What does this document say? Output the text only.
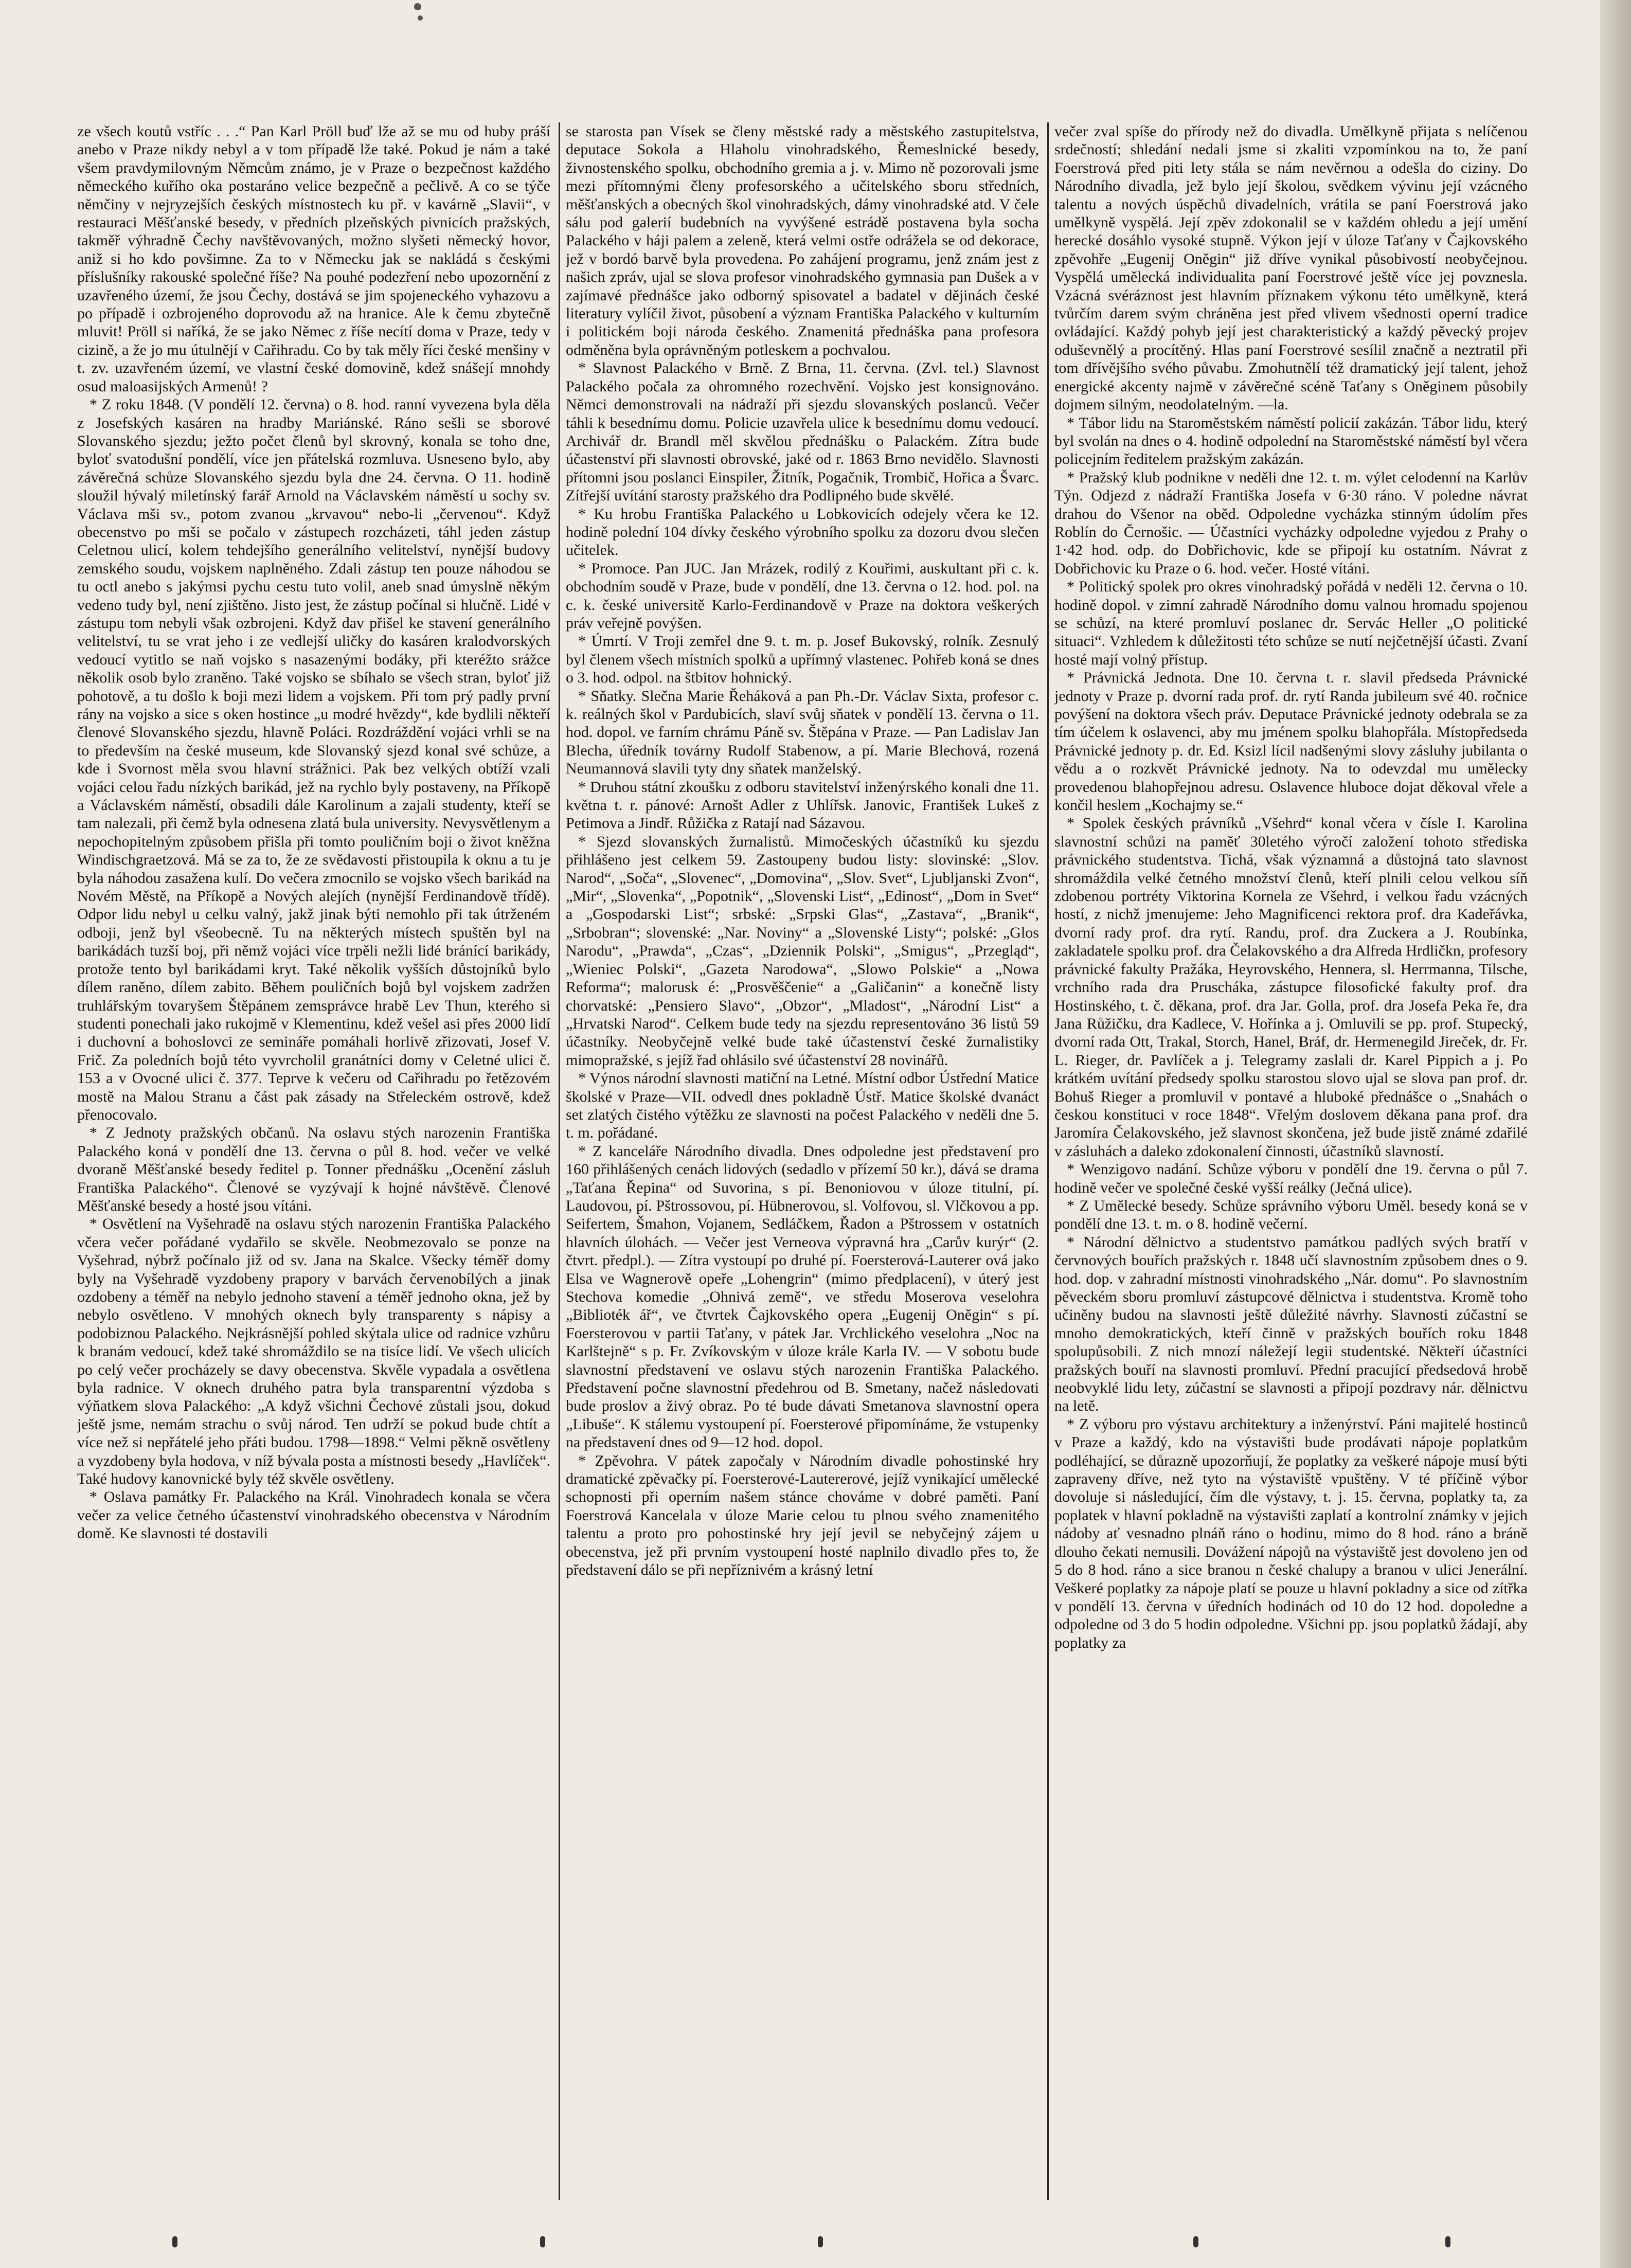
ze všech koutů vstříc . . .“ Pan Karl Pröll buď lže až se mu od huby práší anebo v Praze nikdy nebyl a v tom případě lže také. Pokud je nám a také všem pravdymilovným Němcům známo, je v Praze o bezpečnost každého německého kuřího oka postaráno velice bezpečně a pečlivě. A co se týče němčiny v nejryzejších českých místnostech ku př. v kavárně „Slavii“, v restauraci Měšťanské besedy, v předních plzeňských pivnicích pražských, takměř výhradně Čechy navštěvovaných, možno slyšeti německý hovor, aniž si ho kdo povšimne. Za to v Německu jak se nakládá s českými příslušníky rakouské společné říše? Na pouhé podezření nebo upozornění z uzavřeného území, že jsou Čechy, dostává se jim spojeneckého vyhazovu a po případě i ozbrojeného doprovodu až na hranice. Ale k čemu zbytečně mluvit! Pröll si naříká, že se jako Němec z říše necítí doma v Praze, tedy v cizině, a že jo mu útulnějí v Cařihradu. Co by tak měly říci české menšiny v t. zv. uzavřeném území, ve vlastní české domovině, kdež snášejí mnohdy osud maloasijských Armenů! ?

* Z roku 1848. (V pondělí 12. června) o 8. hod. ranní vyvezena byla děla z Josefských kasáren na hradby Mariánské. Ráno sešli se sborové Slovanského sjezdu; ježto počet členů byl skrovný, konala se toho dne, byloť svatodušní pondělí, více jen přátelská rozmluva. Usneseno bylo, aby závěrečná schůze Slovanského sjezdu byla dne 24. června. O 11. hodině sloužil hývalý miletínský farář Arnold na Václavském náměstí u sochy sv. Václava mši sv., potom zvanou „krvavou“ nebo-li „červenou“. Když obecenstvo po mši se počalo v zástupech rozcházeti, táhl jeden zástup Celetnou ulicí, kolem tehdejšího generálního velitelství, nynější budovy zemského soudu, vojskem naplněného. Zdali zástup ten pouze náhodou se tu octl anebo s jakýmsi pychu cestu tuto volil, aneb snad úmyslně někým vedeno tudy byl, není zjištěno. Jisto jest, že zástup počínal si hlučně. Lidé v zástupu tom nebyli však ozbrojeni. Když dav přišel ke stavení generálního velitelství, tu se vrat jeho i ze vedlejší uličky do kasáren kralodvorských vedoucí vytitlo se naň vojsko s nasazenými bodáky, při kteréžto srážce několik osob bylo zraněno. Také vojsko se sbíhalo se všech stran, byloť již pohotově, a tu došlo k boji mezi lidem a vojskem. Při tom prý padly první rány na vojsko a sice s oken hostince „u modré hvězdy“, kde bydlili někteří členové Slovanského sjezdu, hlavně Poláci. Rozdráždění vojáci vrhli se na to především na české museum, kde Slovanský sjezd konal své schůze, a kde i Svornost měla svou hlavní strážnici. Pak bez velkých obtíží vzali vojáci celou řadu nízkých barikád, jež na rychlo byly postaveny, na Příkopě a Václavském náměstí, obsadili dále Karolinum a zajali studenty, kteří se tam nalezali, při čemž byla odnesena zlatá bula university. Nevysvětlenym a nepochopitelným způsobem přišla při tomto pouličním boji o život kněžna Windischgraetzová. Má se za to, že ze svědavosti přistoupila k oknu a tu je byla náhodou zasažena kulí. Do večera zmocnilo se vojsko všech barikád na Novém Městě, na Příkopě a Nových alejích (nynější Ferdinandově třídě). Odpor lidu nebyl u celku valný, jakž jinak býti nemohlo při tak útrženém odboji, jenž byl všeobecně. Tu na některých místech spuštěn byl na barikádách tuzší boj, při němž vojáci více trpěli nežli lidé bránící barikády, protože tento byl barikádami kryt. Také několik vyšších důstojníků bylo dílem raněno, dílem zabito. Během pouličních bojů byl vojskem zadržen truhlářským tovaryšem Štěpánem zemsprávce hrabě Lev Thun, kterého si studenti ponechali jako rukojmě v Klementinu, kdež vešel asi přes 2000 lidí i duchovní a bohoslovci ze semináře pomáhali horlivě zřizovati, Josef V. Frič. Za poledních bojů této vyvrcholil granátníci domy v Celetné ulici č. 153 a v Ovocné ulici č. 377. Teprve k večeru od Cařihradu po řetězovém mostě na Malou Stranu a část pak zásady na Střeleckém ostrově, kdež přenocovalo.

* Z Jednoty pražských občanů. Na oslavu stých narozenin Františka Palackého koná v pondělí dne 13. června o půl 8. hod. večer ve velké dvoraně Měšťanské besedy ředitel p. Tonner přednášku „Ocenění zásluh Františka Palackého“. Členové se vyzývají k hojné návštěvě. Členové Měšťanské besedy a hosté jsou vítáni.

* Osvětlení na Vyšehradě na oslavu stých narozenin Františka Palackého včera večer pořádané vydařilo se skvěle. Neobmezovalo se ponze na Vyšehrad, nýbrž počínalo již od sv. Jana na Skalce. Všecky téměř domy byly na Vyšehradě vyzdobeny prapory v barvách červenobílých a jinak ozdobeny a téměř na nebylo jednoho stavení a téměř jednoho okna, jež by nebylo osvětleno. V mnohých oknech byly transparenty s nápisy a podobiznou Palackého. Nejkrásnější pohled skýtala ulice od radnice vzhůru k branám vedoucí, kdež také shromáždilo se na tisíce lidí. Ve všech ulicích po celý večer procházely se davy obecenstva. Skvěle vypadala a osvětlena byla radnice. V oknech druhého patra byla transparentní výzdoba s výňatkem slova Palackého: „A když všichni Čechové zůstali jsou, dokud ještě jsme, nemám strachu o svůj národ. Ten udrží se pokud bude chtít a více než si nepřátelé jeho přáti budou. 1798—1898.“ Velmi pěkně osvětleny a vyzdobeny byla hodova, v níž bývala posta a místnosti besedy „Havlíček“. Také hudovy kanovnické byly též skvěle osvětleny.

* Oslava památky Fr. Palackého na Král. Vinohradech konala se včera večer za velice četného účastenství vinohradského obecenstva v Národním domě. Ke slavnosti té dostavili

se starosta pan Vísek se členy městské rady a městského zastupitelstva, deputace Sokola a Hlaholu vinohradského, Řemeslnické besedy, živnostenského spolku, obchodního gremia a j. v. Mimo ně pozorovali jsme mezi přítomnými členy profesorského a učitelského sboru středních, měšťanských a obecných škol vinohradských, dámy vinohradské atd. V čele sálu pod galerií budebních na vyvýšené estrádě postavena byla socha Palackého v háji palem a zeleně, která velmi ostře odrážela se od dekorace, jež v bordó barvě byla provedena. Po zahájení programu, jenž znám jest z našich zpráv, ujal se slova profesor vinohradského gymnasia pan Dušek a v zajímavé přednášce jako odborný spisovatel a badatel v dějinách české literatury vylíčil život, působení a význam Františka Palackého v kulturním i politickém boji národa českého. Znamenitá přednáška pana profesora odměněna byla oprávněným potleskem a pochvalou.

* Slavnost Palackého v Brně. Z Brna, 11. června. (Zvl. tel.) Slavnost Palackého počala za ohromného rozechvění. Vojsko jest konsignováno. Němci demonstrovali na nádraží při sjezdu slovanských poslanců. Večer táhli k besednímu domu. Policie uzavřela ulice k besednímu domu vedoucí. Archivář dr. Brandl měl skvělou přednášku o Palackém. Zítra bude účastenství při slavnosti obrovské, jaké od r. 1863 Brno nevidělo. Slavnosti přítomni jsou poslanci Einspiler, Žitník, Pogačnik, Trombič, Hořica a Švarc. Zítřejší uvítání starosty pražského dra Podlipného bude skvělé.

* Ku hrobu Františka Palackého u Lobkovicích odejely včera ke 12. hodině polední 104 dívky českého výrobního spolku za dozoru dvou slečen učitelek.

* Promoce. Pan JUC. Jan Mrázek, rodilý z Kouřimi, auskultant při c. k. obchodním soudě v Praze, bude v pondělí, dne 13. června o 12. hod. pol. na c. k. české universitě Karlo-Ferdinandově v Praze na doktora veškerých práv veřejně povýšen.

* Úmrtí. V Troji zemřel dne 9. t. m. p. Josef Bukovský, rolník. Zesnulý byl členem všech místních spolků a upřímný vlastenec. Pohřeb koná se dnes o 3. hod. odpol. na štbitov hohnický.

* Sňatky. Slečna Marie Řeháková a pan Ph.-Dr. Václav Sixta, profesor c. k. reálných škol v Pardubicích, slaví svůj sňatek v pondělí 13. června o 11. hod. dopol. ve farním chrámu Páně sv. Štěpána v Praze. — Pan Ladislav Jan Blecha, úředník továrny Rudolf Stabenow, a pí. Marie Blechová, rozená Neumannová slavili tyty dny sňatek manželský.

* Druhou státní zkoušku z odboru stavitelství inženýrského konali dne 11. května t. r. pánové: Arnošt Adler z Uhlířsk. Janovic, František Lukeš z Petimova a Jindř. Růžička z Ratají nad Sázavou.

* Sjezd slovanských žurnalistů. Mimočeských účastníků ku sjezdu přihlášeno jest celkem 59. Zastoupeny budou listy: slovinské: „Slov. Narod“, „Soča“, „Slovenec“, „Domovina“, „Slov. Svet“, Ljubljanski Zvon“, „Mir“, „Slovenka“, „Popotnik“, „Slovenski List“, „Edinost“, „Dom in Svet“ a „Gospodarski List“; srbské: „Srpski Glas“, „Zastava“, „Branik“, „Srbobran“; slovenské: „Nar. Noviny“ a „Slovenské Listy“; polské: „Glos Narodu“, „Prawda“, „Czas“, „Dziennik Polski“, „Smigus“, „Przegląd“, „Wieniec Polski“, „Gazeta Narodowa“, „Slowo Polskie“ a „Nowa Reforma“; malorusk é: „Prosvěščenie“ a „Galičanin“ a konečně listy chorvatské: „Pensiero Slavo“, „Obzor“, „Mladost“, „Národní List“ a „Hrvatski Narod“. Celkem bude tedy na sjezdu representováno 36 listů 59 účastníky. Neobyčejně velké bude také účastenství české žurnalistiky mimopražské, s jejíž řad ohlásilo své účastenství 28 novinářů.

* Výnos národní slavnosti matiční na Letné. Místní odbor Ústřední Matice školské v Praze—VII. odvedl dnes pokladně Ústř. Matice školské dvanáct set zlatých čistého výtěžku ze slavnosti na počest Palackého v neděli dne 5. t. m. pořádané.

* Z kanceláře Národního divadla. Dnes odpoledne jest představení pro 160 přihlášených cenách lidových (sedadlo v přízemí 50 kr.), dává se drama „Taťana Řepina“ od Suvorina, s pí. Benoniovou v úloze titulní, pí. Laudovou, pí. Pštrossovou, pí. Hübnerovou, sl. Volfovou, sl. Vlčkovou a pp. Seifertem, Šmahon, Vojanem, Sedláčkem, Řadon a Pštrossem v ostatních hlavních úlohách. — Večer jest Verneova výpravná hra „Carův kurýr“ (2. čtvrt. předpl.). — Zítra vystoupí po druhé pí. Foersterová-Lauterer ová jako Elsa ve Wagnerově opeře „Lohengrin“ (mimo předplacení), v úterý jest Stechova komedie „Ohnivá země“, ve středu Moserova veselohra „Biblioték ář“, ve čtvrtek Čajkovského opera „Eugenij Oněgin“ s pí. Foersterovou v partii Taťany, v pátek Jar. Vrchlického veselohra „Noc na Karlštejně“ s p. Fr. Zvíkovským v úloze krále Karla IV. — V sobotu bude slavnostní představení ve oslavu stých narozenin Františka Palackého. Představení počne slavnostní předehrou od B. Smetany, načež následovati bude proslov a živý obraz. Po té bude dávati Smetanova slavnostní opera „Libuše“. K stálemu vystoupení pí. Foersterové připomínáme, že vstupenky na představení dnes od 9—12 hod. dopol.

* Zpěvohra. V pátek započaly v Národním divadle pohostinské hry dramatické zpěvačky pí. Foersterové-Lautererové, jejíž vynikající umělecké schopnosti při operním našem stánce chováme v dobré paměti. Paní Foerstrová Kancelala v úloze Marie celou tu plnou svého znamenitého talentu a proto pro pohostinské hry její jevil se nebyčejný zájem u obecenstva, jež při prvním vystoupení hosté naplnilo divadlo přes to, že představení dálo se při nepříznivém a krásný letní

večer zval spíše do přírody než do divadla. Umělkyně přijata s nelíčenou srdečností; shledání nedali jsme si zkaliti vzpomínkou na to, že paní Foerstrová před piti lety stála se nám nevěrnou a odešla do ciziny. Do Národního divadla, jež bylo její školou, svědkem vývinu její vzácného talentu a nových úspěchů divadelních, vrátila se paní Foerstrová jako umělkyně vyspělá. Její zpěv zdokonalil se v každém ohledu a její umění herecké dosáhlo vysoké stupně. Výkon její v úloze Taťany v Čajkovského zpěvohře „Eugenij Oněgin“ již dříve vynikal působivostí neobyčejnou. Vyspělá umělecká individualita paní Foerstrové ještě více jej povznesla. Vzácná svéráznost jest hlavním příznakem výkonu této umělkyně, která tvůrčím darem svým chráněna jest před vlivem všednosti operní tradice ovládající. Každý pohyb její jest charakteristický a každý pěvecký projev oduševnělý a procítěný. Hlas paní Foerstrové sesílil značně a neztratil při tom dřívějšího svého půvabu. Zmohutnělí též dramatický její talent, jehož energické akcenty najmě v závěrečné scéně Taťany s Oněginem působily dojmem silným, neodolatelným. —la.

* Tábor lidu na Staroměstském náměstí policií zakázán. Tábor lidu, který byl svolán na dnes o 4. hodině odpolední na Staroměstské náměstí byl včera policejním ředitelem pražským zakázán.

* Pražský klub podnikne v neděli dne 12. t. m. výlet celodenní na Karlův Týn. Odjezd z nádraží Františka Josefa v 6·30 ráno. V poledne návrat drahou do Všenor na oběd. Odpoledne vycházka stinným údolím přes Roblín do Černošic. — Účastníci vycházky odpoledne vyjedou z Prahy o 1·42 hod. odp. do Dobřichovic, kde se připojí ku ostatním. Návrat z Dobřichovic ku Praze o 6. hod. večer. Hosté vítáni.

* Politický spolek pro okres vinohradský pořádá v neděli 12. června o 10. hodině dopol. v zimní zahradě Národního domu valnou hromadu spojenou se schůzí, na které promluví poslanec dr. Servác Heller „O politické situaci“. Vzhledem k důležitosti této schůze se nutí nejčetnější účasti. Zvaní hosté mají volný přístup.

* Právnická Jednota. Dne 10. června t. r. slavil předseda Právnické jednoty v Praze p. dvorní rada prof. dr. rytí Randa jubileum své 40. ročnice povýšení na doktora všech práv. Deputace Právnické jednoty odebrala se za tím účelem k oslavenci, aby mu jménem spolku blahopřála. Místopředseda Právnické jednoty p. dr. Ed. Ksizl lícil nadšenými slovy zásluhy jubilanta o vědu a o rozkvět Právnické jednoty. Na to odevzdal mu umělecky provedenou blahopřejnou adresu. Oslavence hluboce dojat děkoval vřele a končil heslem „Kochajmy se.“

* Spolek českých právníků „Všehrd“ konal včera v čísle I. Karolina slavnostní schůzi na paměť 30letého výročí založení tohoto střediska právnického studentstva. Tichá, však významná a důstojná tato slavnost shromáždila velké četného množství členů, kteří plnili celou velkou síň zdobenou portréty Viktorina Kornela ze Všehrd, i velkou řadu vzácných hostí, z nichž jmenujeme: Jeho Magnificenci rektora prof. dra Kadeřávka, dvorní rady prof. dra rytí. Randu, prof. dra Zuckera a J. Roubínka, zakladatele spolku prof. dra Čelakovského a dra Alfreda Hrdličkn, profesory právnické fakulty Pražáka, Heyrovského, Hennera, sl. Herrmanna, Tilsche, vrchního rada dra Pruscháka, zástupce filosofické fakulty prof. dra Hostinského, t. č. děkana, prof. dra Jar. Golla, prof. dra Josefa Peka ře, dra Jana Růžičku, dra Kadlece, V. Hořínka a j. Omluvili se pp. prof. Stupecký, dvorní rada Ott, Trakal, Storch, Hanel, Bráf, dr. Hermenegild Jireček, dr. Fr. L. Rieger, dr. Pavlíček a j. Telegramy zaslali dr. Karel Pippich a j. Po krátkém uvítání předsedy spolku starostou slovo ujal se slova pan prof. dr. Bohuš Rieger a promluvil v pontavé a hluboké přednášce o „Snahách o českou konstituci v roce 1848“. Vřelým doslovem děkana pana prof. dra Jaromíra Čelakovského, jež slavnost skončena, jež bude jistě známé zdařilé v zásluhách a daleko zdokonalení činnosti, účastníků slavností.

* Wenzigovo nadání. Schůze výboru v pondělí dne 19. června o půl 7. hodině večer ve společné české vyšší reálky (Ječná ulice).

* Z Umělecké besedy. Schůze správního výboru Uměl. besedy koná se v pondělí dne 13. t. m. o 8. hodině večerní.

* Národní dělnictvo a studentstvo památkou padlých svých bratří v červnových bouřích pražských r. 1848 učí slavnostním způsobem dnes o 9. hod. dop. v zahradní místnosti vinohradského „Nár. domu“. Po slavnostním pěveckém sboru promluví zástupcové dělnictva i studentstva. Kromě toho učiněny budou na slavnosti ještě důležité návrhy. Slavnosti zúčastní se mnoho demokratických, kteří činně v pražských bouřích roku 1848 spolupůsobili. Z nich mnozí náležejí legii studentské. Někteří účastníci pražských bouří na slavnosti promluví. Přední pracující předsedová hrobě neobvyklé lidu lety, zúčastní se slavnosti a připojí pozdravy nár. dělnictvu na letě.

* Z výboru pro výstavu architektury a inženýrství. Páni majitelé hostinců v Praze a každý, kdo na výstavišti bude prodávati nápoje poplatkům podléhající, se důrazně upozorňují, že poplatky za veškeré nápoje musí býti zapraveny dříve, než tyto na výstaviště vpuštěny. V té příčině výbor dovoluje si následující, čím dle výstavy, t. j. 15. června, poplatky ta, za poplatek v hlavní pokladně na výstavišti zaplatí a kontrolní známky v jejich nádoby ať vesnadno plnáň ráno o hodinu, mimo do 8 hod. ráno a bráně dlouho čekati nemusili. Dovážení nápojů na výstaviště jest dovoleno jen od 5 do 8 hod. ráno a sice branou n české chalupy a branou v ulici Jenerální. Veškeré poplatky za nápoje platí se pouze u hlavní pokladny a sice od zítřka v pondělí 13. června v úředních hodinách od 10 do 12 hod. dopoledne a odpoledne od 3 do 5 hodin odpoledne. Všichni pp. jsou poplatků žádají, aby poplatky za
